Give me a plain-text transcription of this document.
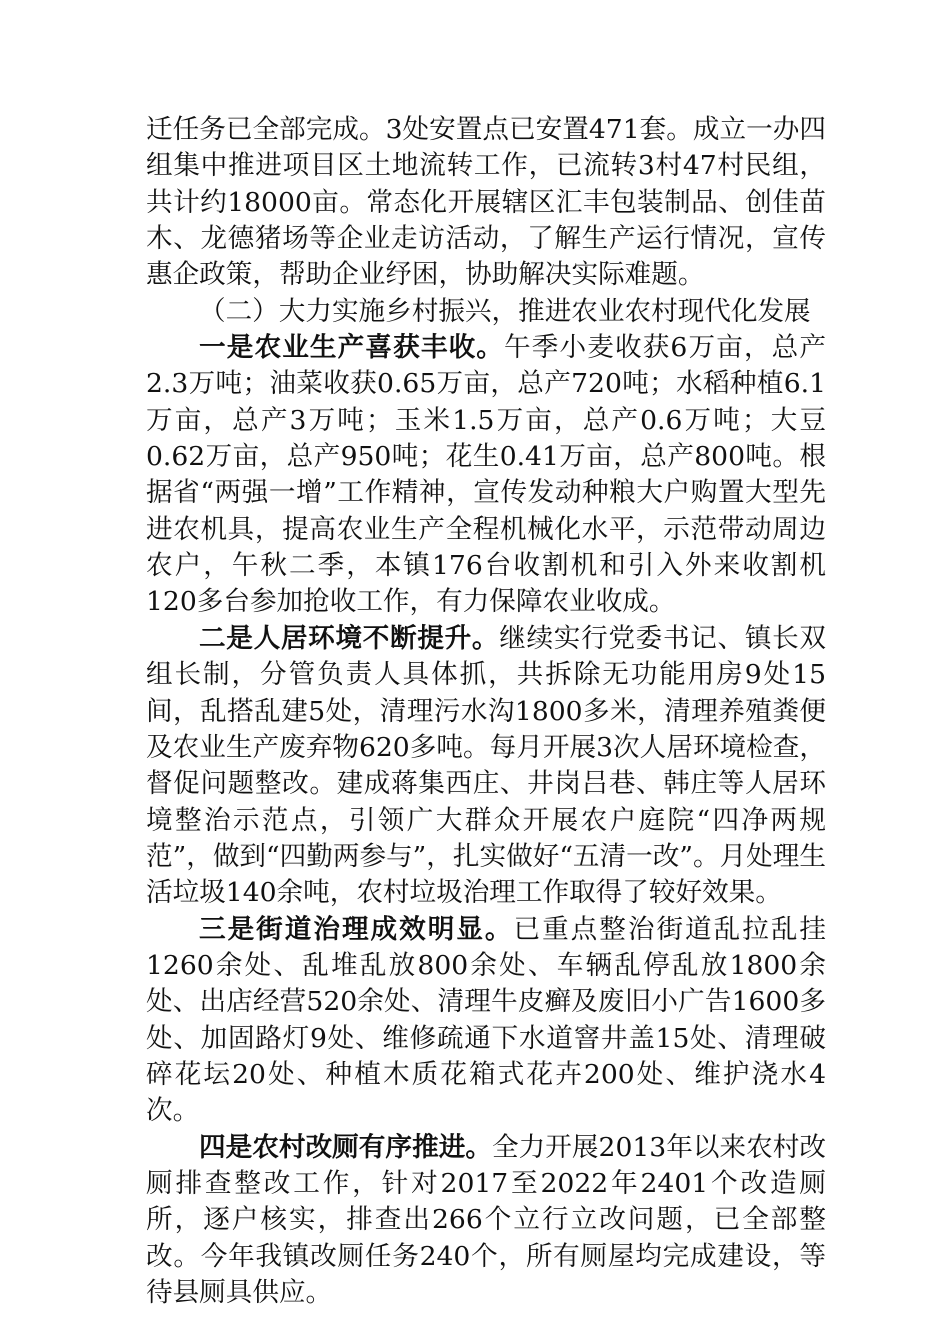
迁任务已全部完成。3处安置点已安置471套。成立一办四组集中推进项目区土地流转工作，已流转3村47村民组，共计约18000亩。常态化开展辖区汇丰包装制品、创佳苗木、龙德猪场等企业走访活动，了解生产运行情况，宣传惠企政策，帮助企业纾困，协助解决实际难题。

（二）大力实施乡村振兴，推进农业农村现代化发展

一是农业生产喜获丰收。午季小麦收获6万亩，总产2.3万吨；油菜收获0.65万亩，总产720吨；水稻种植6.1万亩，总产3万吨；玉米1.5万亩，总产0.6万吨；大豆0.62万亩，总产950吨；花生0.41万亩，总产800吨。根据省“两强一增”工作精神，宣传发动种粮大户购置大型先进农机具，提高农业生产全程机械化水平，示范带动周边农户，午秋二季，本镇176台收割机和引入外来收割机120多台参加抢收工作，有力保障农业收成。

二是人居环境不断提升。继续实行党委书记、镇长双组长制，分管负责人具体抓，共拆除无功能用房9处15间，乱搭乱建5处，清理污水沟1800多米，清理养殖粪便及农业生产废弃物620多吨。每月开展3次人居环境检查，督促问题整改。建成蒋集西庄、井岗吕巷、韩庄等人居环境整治示范点，引领广大群众开展农户庭院“四净两规范”，做到“四勤两参与”，扎实做好“五清一改”。月处理生活垃圾140余吨，农村垃圾治理工作取得了较好效果。

三是街道治理成效明显。已重点整治街道乱拉乱挂1260余处、乱堆乱放800余处、车辆乱停乱放1800余处、出店经营520余处、清理牛皮癣及废旧小广告1600多处、加固路灯9处、维修疏通下水道窨井盖15处、清理破碎花坛20处、种植木质花箱式花卉200处、维护浇水4次。

四是农村改厕有序推进。全力开展2013年以来农村改厕排查整改工作，针对2017至2022年2401个改造厕所，逐户核实，排查出266个立行立改问题，已全部整改。今年我镇改厕任务240个，所有厕屋均完成建设，等待县厕具供应。
